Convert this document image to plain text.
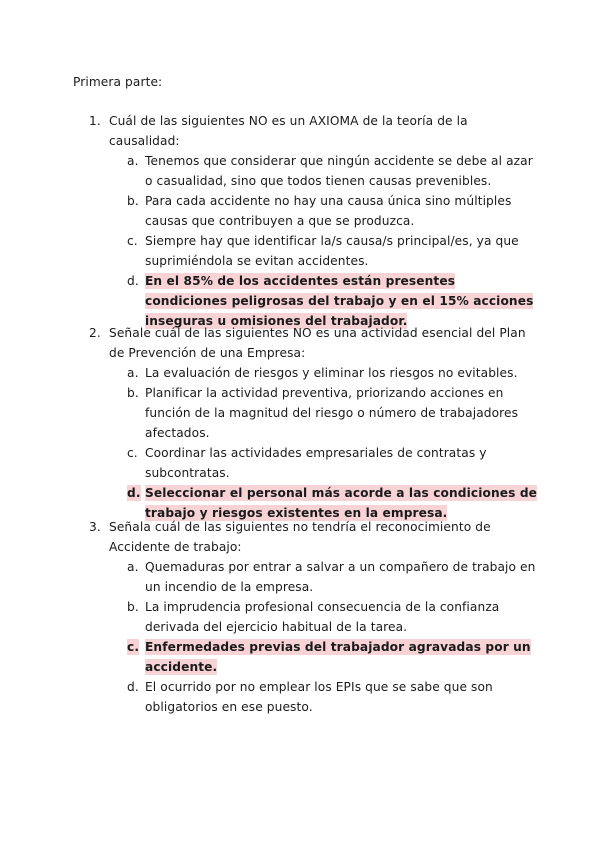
Primera parte:
1. Cuál de las siguientes NO es un AXIOMA de la teoría de la causalidad:
a. Tenemos que considerar que ningún accidente se debe al azar o casualidad, sino que todos tienen causas prevenibles.
b. Para cada accidente no hay una causa única sino múltiples causas que contribuyen a que se produzca.
c. Siempre hay que identificar la/s causa/s principal/es, ya que suprimiéndola se evitan accidentes.
d. En el 85% de los accidentes están presentes condiciones peligrosas del trabajo y en el 15% acciones inseguras u omisiones del trabajador.
2. Señale cuál de las siguientes NO es una actividad esencial del Plan de Prevención de una Empresa:
a. La evaluación de riesgos y eliminar los riesgos no evitables.
b. Planificar la actividad preventiva, priorizando acciones en función de la magnitud del riesgo o número de trabajadores afectados.
c. Coordinar las actividades empresariales de contratas y subcontratas.
d. Seleccionar el personal más acorde a las condiciones de trabajo y riesgos existentes en la empresa.
3. Señala cuál de las siguientes no tendría el reconocimiento de Accidente de trabajo:
a. Quemaduras por entrar a salvar a un compañero de trabajo en un incendio de la empresa.
b. La imprudencia profesional consecuencia de la confianza derivada del ejercicio habitual de la tarea.
c. Enfermedades previas del trabajador agravadas por un accidente.
d. El ocurrido por no emplear los EPIs que se sabe que son obligatorios en ese puesto.
